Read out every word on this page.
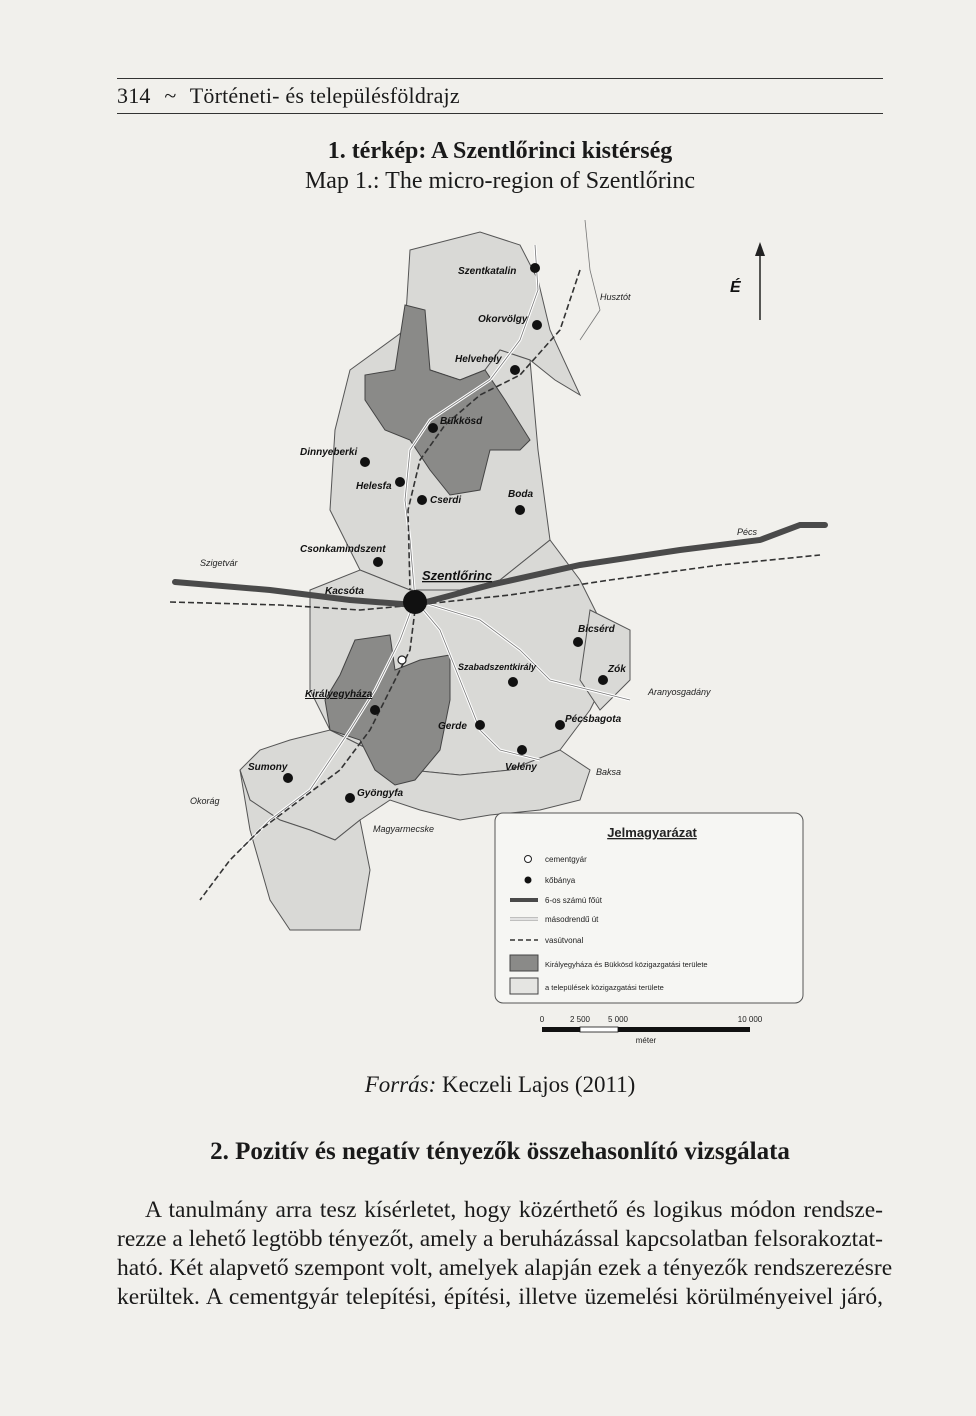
314 ~ Történeti- és településföldrajz
1. térkép: A Szentlőrinci kistérség
Map 1.: The micro-region of Szentlőrinc
É
Szentkatalin
Okorvölgy
Husztót
Helvehely
Bükkösd
Dinnyeberki
Helesfa
Cserdi
Boda
Pécs
Szigetvár
Csonkamindszent
Kacsóta
Szentlőrinc
Bicsérd
Szabadszentkirály	Zók
Aranyosgadány
Királyegyháza
Gerde
Pécsbagota
Velény	Baksa
Sumony
Okorág
Gyöngyfa
Magyarmecske	Jelmagyarázat
cementgyár
kőbánya
6-os számú főút
másodrendű út
vasútvonal
Királyegyháza és Bükkösd közigazgatási területe
a települések közigazgatási területe
0	2 500 5 000	10 000
méter
Forrás: Keczeli Lajos (2011)
2. Pozitív és negatív tényezők összehasonlító vizsgálata
A tanulmány arra tesz kísérletet, hogy közérthető és logikus módon rendsze-
rezze a lehető legtöbb tényezőt, amely a beruházással kapcsolatban felsorakoztat-
ható. Két alapvető szempont volt, amelyek alapján ezek a tényezők rendszerezésre
kerültek. A cementgyár telepítési, építési, illetve üzemelési körülményeivel járó,
